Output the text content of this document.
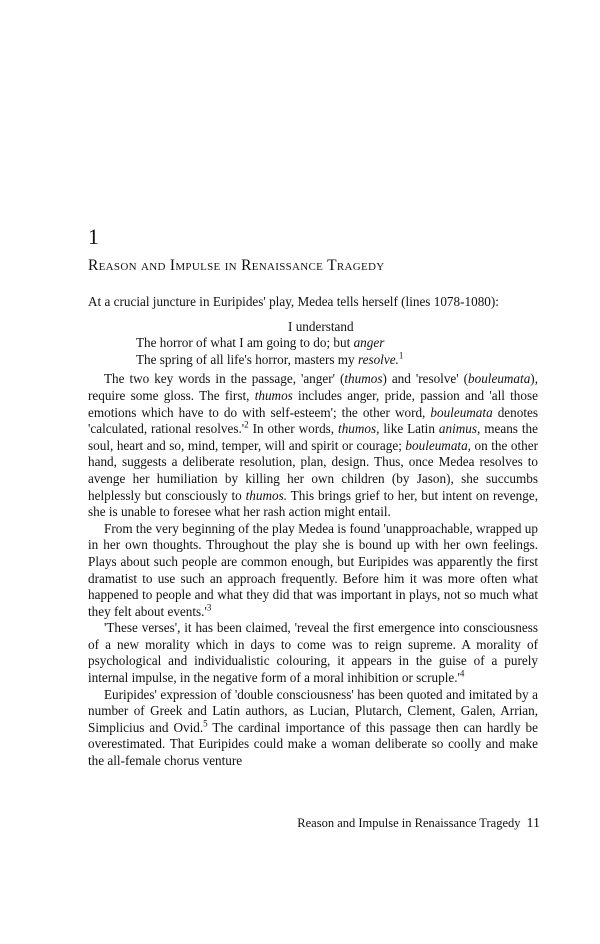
1
Reason and Impulse in Renaissance Tragedy

At a crucial juncture in Euripides' play, Medea tells herself (lines 1078-1080):

I understand
The horror of what I am going to do; but anger
The spring of all life's horror, masters my resolve.$^1$

The two key words in the passage, 'anger' (thumos) and 'resolve' (bouleumata), require some gloss. The first, thumos includes anger, pride, passion and 'all those emotions which have to do with self-esteem'; the other word, bouleumata denotes 'calculated, rational $resolves.'^2$ In other words, thumos, like Latin animus, means the soul, heart and so, mind, temper, will and spirit or courage; bouleumata, on the other hand, suggests a deliberate resolution, plan, design. Thus, once Medea resolves to avenge her humiliation by killing her own children (by Jason), she succumbs helplessly but consciously to thumos. This brings grief to her, but intent on revenge, she is unable to foresee what her rash action might entail.

From the very beginning of the play Medea is found 'unapproachable, wrapped up in her own thoughts. Throughout the play she is bound up with her own feelings. Plays about such people are common enough, but Euripides was apparently the first dramatist to use such an approach frequently. Before him it was more often what happened to people and what they did that was important in plays, not so much what they felt about $events.'^3$

'These verses', it has been claimed, 'reveal the first emergence into consciousness of a new morality which in days to come was to reign supreme. A morality of psychological and individualistic colouring, it appears in the guise of a purely internal impulse, in the negative form of a moral inhibition or $scruple.'^4$

Euripides' expression of 'double consciousness' has been quoted and imitated by a number of Greek and Latin authors, as Lucian, Plutarch, Clement, Galen, Arrian, Simplicius and Ovid.$^5$ The cardinal importance of this passage then can hardly be overestimated. That Euripides could make a woman deliberate so coolly and make the all-female chorus venture

Reason and Impulse in Renaissance Tragedy 11
